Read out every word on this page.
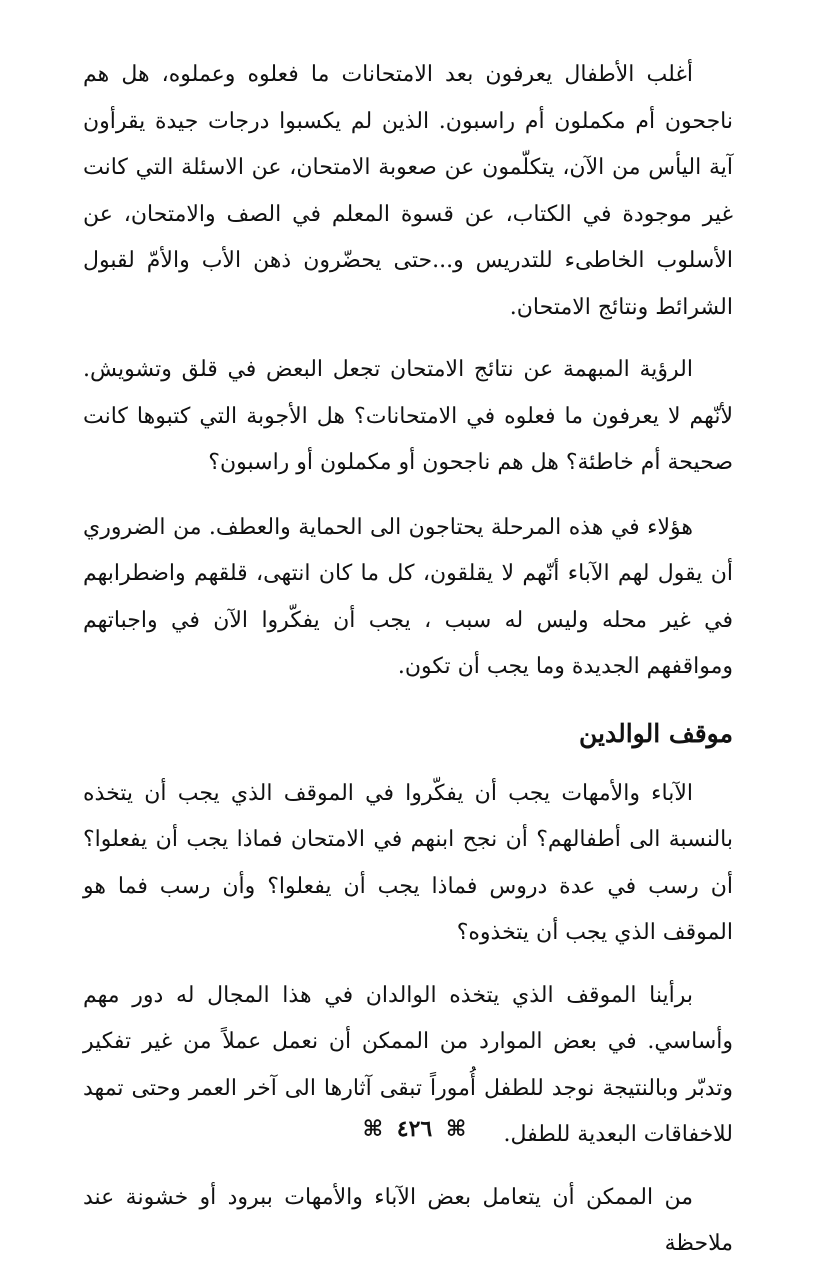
أغلب الأطفال يعرفون بعد الامتحانات ما فعلوه وعملوه، هل هم ناجحون أم مكملون أم راسبون. الذين لم يكسبوا درجات جيدة يقرأون آية اليأس من الآن، يتكلّمون عن صعوبة الامتحان، عن الاسئلة التي كانت غير موجودة في الكتاب، عن قسوة المعلم في الصف والامتحان، عن الأسلوب الخاطىء للتدريس و...حتى يحضّرون ذهن الأب والأمّ لقبول الشرائط ونتائج الامتحان.

الرؤية المبهمة عن نتائج الامتحان تجعل البعض في قلق وتشويش. لأنّهم لا يعرفون ما فعلوه في الامتحانات؟ هل الأجوبة التي كتبوها كانت صحيحة أم خاطئة؟ هل هم ناجحون أو مكملون أو راسبون؟

هؤلاء في هذه المرحلة يحتاجون الى الحماية والعطف. من الضروري أن يقول لهم الآباء أنّهم لا يقلقون، كل ما كان انتهى، قلقهم واضطرابهم في غير محله وليس له سبب ، يجب أن يفكّروا الآن في واجباتهم ومواقفهم الجديدة وما يجب أن تكون.

موقف الوالدين

الآباء والأمهات يجب أن يفكّروا في الموقف الذي يجب أن يتخذه بالنسبة الى أطفالهم؟ أن نجح ابنهم في الامتحان فماذا يجب أن يفعلوا؟ أن رسب في عدة دروس فماذا يجب أن يفعلوا؟ وأن رسب فما هو الموقف الذي يجب أن يتخذوه؟

برأينا الموقف الذي يتخذه الوالدان في هذا المجال له دور مهم وأساسي. في بعض الموارد من الممكن أن نعمل عملاً من غير تفكير وتدبّر وبالنتيجة نوجد للطفل أُموراً تبقى آثارها الى آخر العمر وحتى تمهد للاخفاقات البعدية للطفل.

من الممكن أن يتعامل بعض الآباء والأمهات ببرود أو خشونة عند ملاحظة

⌘ ٤٢٦ ⌘
